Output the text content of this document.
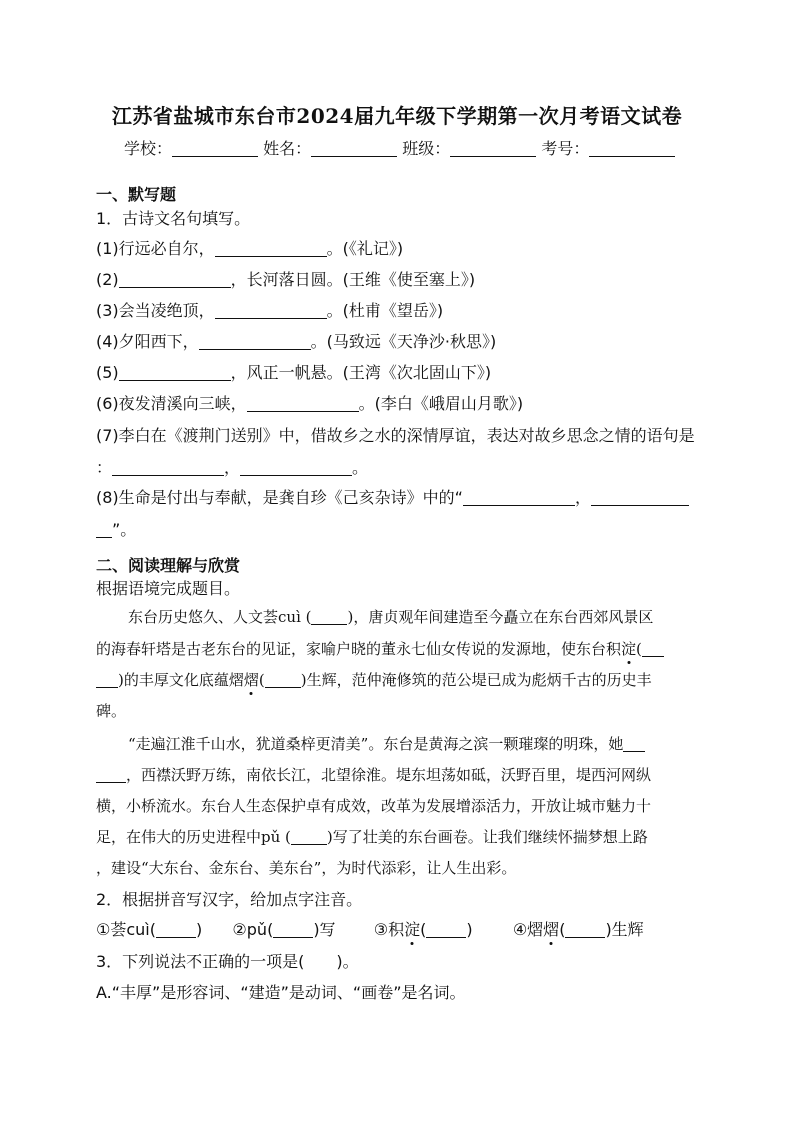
江苏省盐城市东台市2024届九年级下学期第一次月考语文试卷
学校：	姓名：	班级：	考号：
一、默写题
1．古诗文名句填写。
(1)行远必自尔，	。(《礼记》)
(2)	，长河落日圆。(王维《使至塞上》)
(3)会当凌绝顶，	。(杜甫《望岳》)
(4)夕阳西下，	。(马致远《天净沙·秋思》)
(5)	，风正一帆悬。(王湾《次北固山下》)
(6)夜发清溪向三峡，	。(李白《峨眉山月歌》)
(7)李白在《渡荆门送别》中，借故乡之水的深情厚谊，表达对故乡思念之情的语句是
：	，	。
(8)生命是付出与奉献，是龚自珍《己亥杂诗》中的“	，
”。
二、阅读理解与欣赏
根据语境完成题目。
东台历史悠久、人文荟cuì ( )，唐贞观年间建造至今矗立在东台西郊风景区
的海春轩塔是古老东台的见证，家喻户晓的董永七仙女传说的发源地，使东台积淀(
)的丰厚文化底蕴熠熠( )生辉，范仲淹修筑的范公堤已成为彪炳千古的历史丰
碑。
“走遍江淮千山水，犹道桑梓更清美”。东台是黄海之滨一颗璀璨的明珠，她
，西襟沃野万练，南依长江，北望徐淮。堤东坦荡如砥，沃野百里，堤西河网纵
横，小桥流水。东台人生态保护卓有成效，改革为发展增添活力，开放让城市魅力十
足，在伟大的历史进程中pǔ ( )写了壮美的东台画卷。让我们继续怀揣梦想上路
，建设“大东台、金东台、美东台”，为时代添彩，让人生出彩。
2．根据拼音写汉字，给加点字注音。
①荟cuì(	) ②pǔ(	)写 ③积淀(	)	④熠熠(	)生辉
3．下列说法不正确的一项是(　　)。
A.“丰厚”是形容词、“建造”是动词、“画卷”是名词。
